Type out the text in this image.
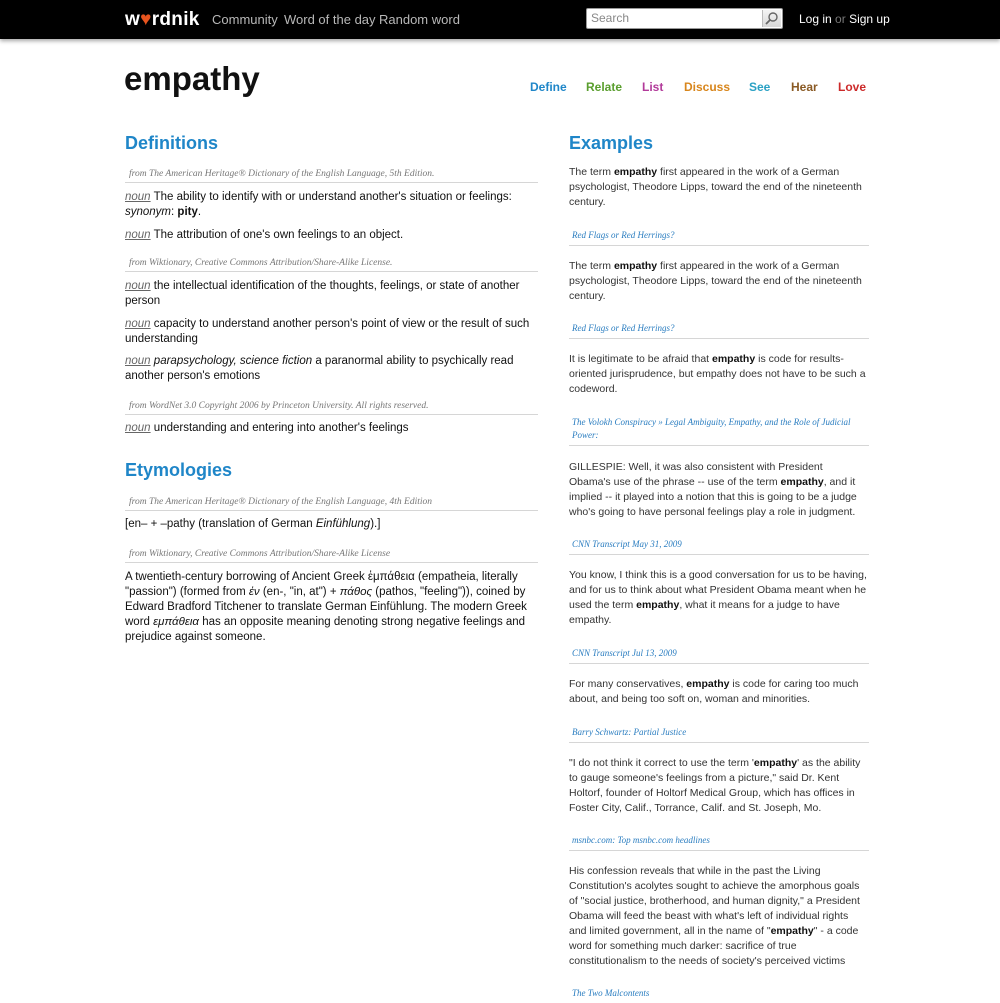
w♥rdnik Community Word of the day Random word
Search	Log in or Sign up
empathy	Define Relate List Discuss See Hear Love
Definitions
from The American Heritage® Dictionary of the English Language, 5th Edition.
noun The ability to identify with or understand another's situation or feelings: synonym: pity.
noun The attribution of one's own feelings to an object.
from Wiktionary, Creative Commons Attribution/Share-Alike License.
noun the intellectual identification of the thoughts, feelings, or state of another person
noun capacity to understand another person's point of view or the result of such understanding
noun parapsychology, science fiction a paranormal ability to psychically read another person's emotions
from WordNet 3.0 Copyright 2006 by Princeton University. All rights reserved.
noun understanding and entering into another's feelings
Etymologies
from The American Heritage® Dictionary of the English Language, 4th Edition
[en– + –pathy (translation of German Einfühlung).]
from Wiktionary, Creative Commons Attribution/Share-Alike License
A twentieth-century borrowing of Ancient Greek ἐμπάθεια (empatheia, literally "passion") (formed from ἐν (en-, "in, at") + πάθος (pathos, "feeling")), coined by Edward Bradford Titchener to translate German Einfühlung. The modern Greek word εμπάθεια has an opposite meaning denoting strong negative feelings and prejudice against someone.
Examples
The term empathy first appeared in the work of a German psychologist, Theodore Lipps, toward the end of the nineteenth century.
Red Flags or Red Herrings?
The term empathy first appeared in the work of a German psychologist, Theodore Lipps, toward the end of the nineteenth century.
Red Flags or Red Herrings?
It is legitimate to be afraid that empathy is code for results-oriented jurisprudence, but empathy does not have to be such a codeword.
The Volokh Conspiracy » Legal Ambiguity, Empathy, and the Role of Judicial Power:
GILLESPIE: Well, it was also consistent with President Obama's use of the phrase -- use of the term empathy, and it implied -- it played into a notion that this is going to be a judge who's going to have personal feelings play a role in judgment.
CNN Transcript May 31, 2009
You know, I think this is a good conversation for us to be having, and for us to think about what President Obama meant when he used the term empathy, what it means for a judge to have empathy.
CNN Transcript Jul 13, 2009
For many conservatives, empathy is code for caring too much about, and being too soft on, woman and minorities.
Barry Schwartz: Partial Justice
"I do not think it correct to use the term 'empathy' as the ability to gauge someone's feelings from a picture," said Dr. Kent Holtorf, founder of Holtorf Medical Group, which has offices in Foster City, Calif., Torrance, Calif. and St. Joseph, Mo.
msnbc.com: Top msnbc.com headlines
His confession reveals that while in the past the Living Constitution's acolytes sought to achieve the amorphous goals of "social justice, brotherhood, and human dignity," a President Obama will feed the beast with what's left of individual rights and limited government, all in the name of "empathy" - a code word for something much darker: sacrifice of true constitutionalism to the needs of society's perceived victims
The Two Malcontents
